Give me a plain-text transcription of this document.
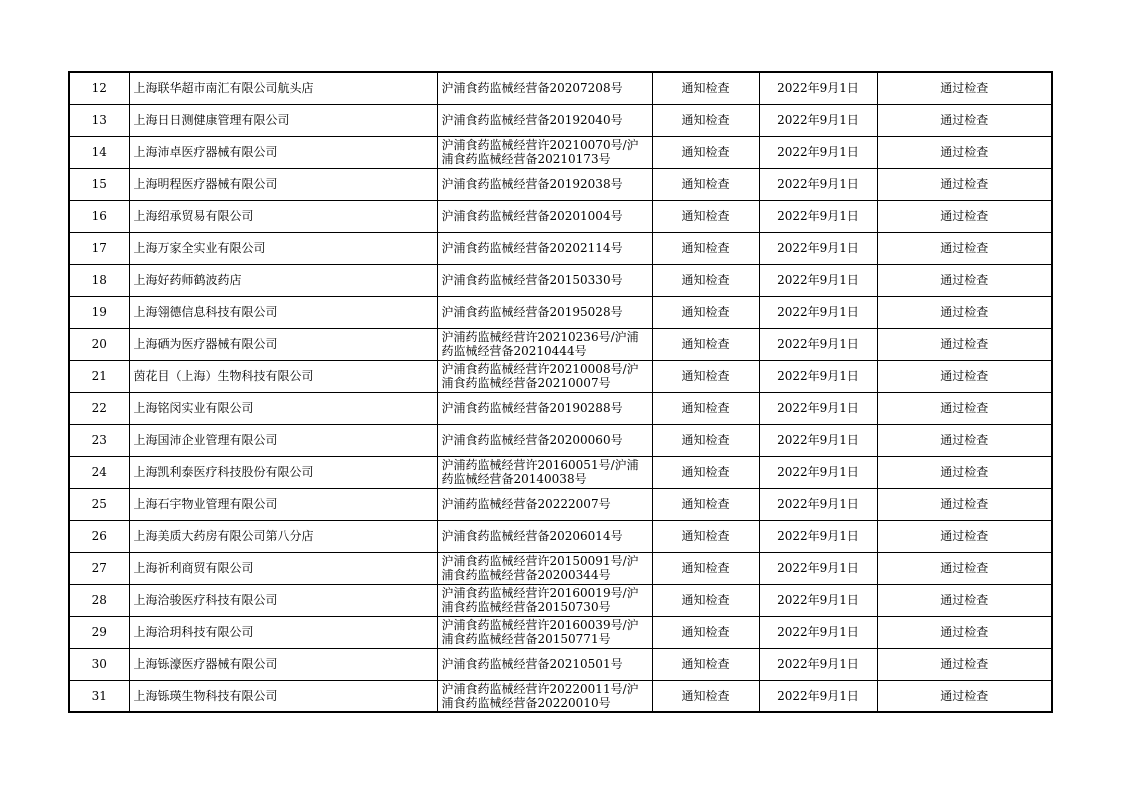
12	上海联华超市南汇有限公司航头店	沪浦食药监械经营备20207208号	通知检查	2022年9月1日	通过检查
13	上海日日测健康管理有限公司	沪浦食药监械经营备20192040号	通知检查	2022年9月1日	通过检查
14	上海沛卓医疗器械有限公司	沪浦食药监械经营许20210070号/沪浦食药监械经营备20210173号	通知检查	2022年9月1日	通过检查
15	上海明程医疗器械有限公司	沪浦食药监械经营备20192038号	通知检查	2022年9月1日	通过检查
16	上海绍承贸易有限公司	沪浦食药监械经营备20201004号	通知检查	2022年9月1日	通过检查
17	上海万家全实业有限公司	沪浦食药监械经营备20202114号	通知检查	2022年9月1日	通过检查
18	上海好药师鹤波药店	沪浦食药监械经营备20150330号	通知检查	2022年9月1日	通过检查
19	上海翎德信息科技有限公司	沪浦食药监械经营备20195028号	通知检查	2022年9月1日	通过检查
20	上海硒为医疗器械有限公司	沪浦药监械经营许20210236号/沪浦药监械经营备20210444号	通知检查	2022年9月1日	通过检查
21	茵花目（上海）生物科技有限公司	沪浦食药监械经营许20210008号/沪浦食药监械经营备20210007号	通知检查	2022年9月1日	通过检查
22	上海铭闵实业有限公司	沪浦食药监械经营备20190288号	通知检查	2022年9月1日	通过检查
23	上海国沛企业管理有限公司	沪浦食药监械经营备20200060号	通知检查	2022年9月1日	通过检查
24	上海凯利泰医疗科技股份有限公司	沪浦药监械经营许20160051号/沪浦药监械经营备20140038号	通知检查	2022年9月1日	通过检查
25	上海石宇物业管理有限公司	沪浦药监械经营备20222007号	通知检查	2022年9月1日	通过检查
26	上海美质大药房有限公司第八分店	沪浦食药监械经营备20206014号	通知检查	2022年9月1日	通过检查
27	上海祈利商贸有限公司	沪浦食药监械经营许20150091号/沪浦食药监械经营备20200344号	通知检查	2022年9月1日	通过检查
28	上海洽骏医疗科技有限公司	沪浦食药监械经营许20160019号/沪浦食药监械经营备20150730号	通知检查	2022年9月1日	通过检查
29	上海洽玥科技有限公司	沪浦食药监械经营许20160039号/沪浦食药监械经营备20150771号	通知检查	2022年9月1日	通过检查
30	上海铄濠医疗器械有限公司	沪浦食药监械经营备20210501号	通知检查	2022年9月1日	通过检查
31	上海铄瑛生物科技有限公司	沪浦食药监械经营许20220011号/沪浦食药监械经营备20220010号	通知检查	2022年9月1日	通过检查
